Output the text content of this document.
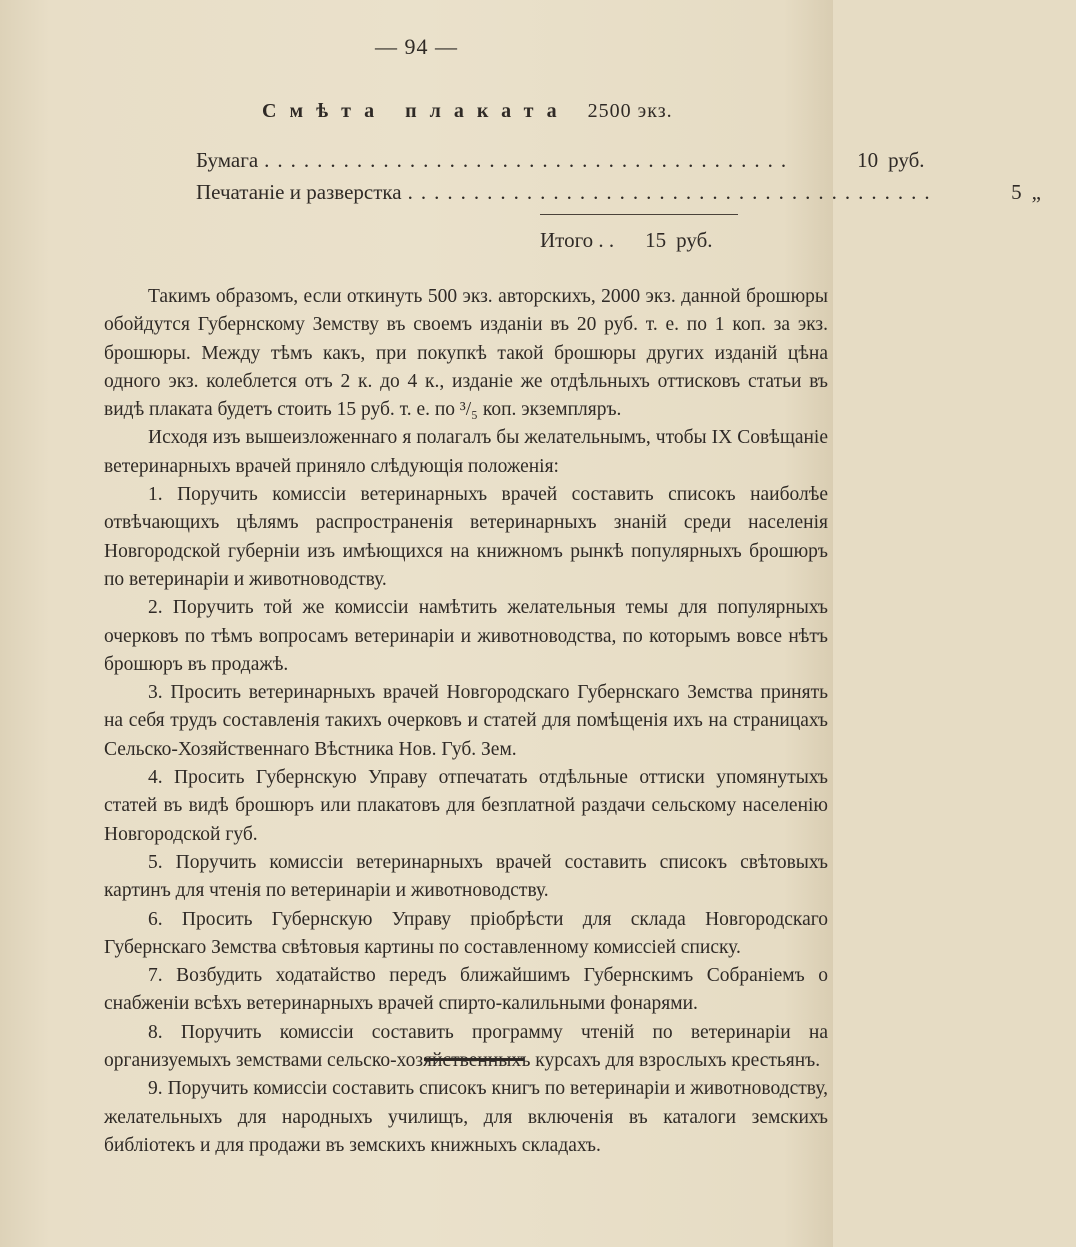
— 94 —
Смѣта плаката 2500 экз.
Бумага ........................................	10 руб.
Печатаніе и разверстка ........................................	5 „
Итого . .	15 руб.

Такимъ образомъ, если откинуть 500 экз. авторскихъ, 2000 экз. данной брошюры обойдутся Губернскому Земству въ своемъ изданіи въ 20 руб. т. е. по 1 коп. за экз. брошюры. Между тѣмъ какъ, при покупкѣ такой брошюры других изданій цѣна одного экз. колеблется отъ 2 к. до 4 к., изданіе же отдѣльныхъ оттисковъ статьи въ видѣ плаката будетъ стоить 15 руб. т. е. по ³/₅ коп. экземпляръ.

Исходя изъ вышеизложеннаго я полагалъ бы желательнымъ, чтобы IX Совѣщаніе ветеринарныхъ врачей приняло слѣдующія положенія:

1. Поручить комиссіи ветеринарныхъ врачей составить списокъ наиболѣе отвѣчающихъ цѣлямъ распространенія ветеринарныхъ знаній среди населенія Новгородской губерніи изъ имѣющихся на книжномъ рынкѣ популярныхъ брошюръ по ветеринаріи и животноводству.

2. Поручить той же комиссіи намѣтить желательныя темы для популярныхъ очерковъ по тѣмъ вопросамъ ветеринаріи и животноводства, по которымъ вовсе нѣтъ брошюръ въ продажѣ.

3. Просить ветеринарныхъ врачей Новгородскаго Губернскаго Земства принять на себя трудъ составленія такихъ очерковъ и статей для помѣщенія ихъ на страницахъ Сельско-Хозяйственнаго Вѣстника Нов. Губ. Зем.

4. Просить Губернскую Управу отпечатать отдѣльные оттиски упомянутыхъ статей въ видѣ брошюръ или плакатовъ для безплатной раздачи сельскому населенію Новгородской губ.

5. Поручить комиссіи ветеринарныхъ врачей составить списокъ свѣтовыхъ картинъ для чтенія по ветеринаріи и животноводству.

6. Просить Губернскую Управу пріобрѣсти для склада Новгородскаго Губернскаго Земства свѣтовыя картины по составленному комиссіей списку.

7. Возбудить ходатайство передъ ближайшимъ Губернскимъ Собраніемъ о снабженіи всѣхъ ветеринарныхъ врачей спирто-калильными фонарями.

8. Поручить комиссіи составить программу чтеній по ветеринаріи на организуемыхъ земствами сельско-хозяйственныхъ курсахъ для взрослыхъ крестьянъ.

9. Поручить комиссіи составить списокъ книгъ по ветеринаріи и животноводству, желательныхъ для народныхъ училищъ, для включенія въ каталоги земскихъ библіотекъ и для продажи въ земскихъ книжныхъ складахъ.
